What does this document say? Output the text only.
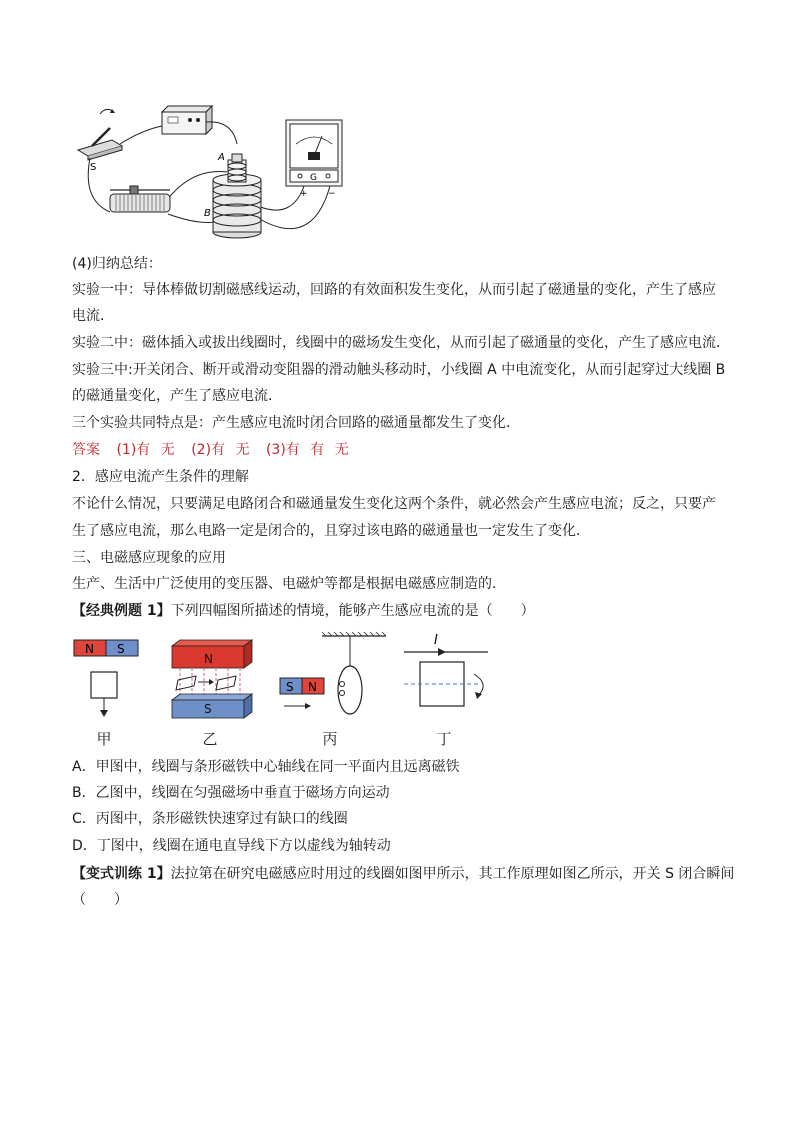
S
A
B
G
+ −
(4)归纳总结：
实验一中：导体棒做切割磁感线运动，回路的有效面积发生变化，从而引起了磁通量的变化，产生了感应
电流．
实验二中：磁体插入或拔出线圈时，线圈中的磁场发生变化，从而引起了磁通量的变化，产生了感应电流．
实验三中:开关闭合、断开或滑动变阻器的滑动触头移动时，小线圈 A 中电流变化，从而引起穿过大线圈 B
的磁通量变化，产生了感应电流．
三个实验共同特点是：产生感应电流时闭合回路的磁通量都发生了变化．
答案 (1)有 无 (2)有 无 (3)有 有 无
2．感应电流产生条件的理解
不论什么情况，只要满足电路闭合和磁通量发生变化这两个条件，就必然会产生感应电流；反之，只要产
生了感应电流，那么电路一定是闭合的，且穿过该电路的磁通量也一定发生了变化．
三、电磁感应现象的应用
生产、生活中广泛使用的变压器、电磁炉等都是根据电磁感应制造的．
【经典例题 1】下列四幅图所描述的情境，能够产生感应电流的是（　　）
N S
N
S
S N
I
甲	乙	丙	丁
A．甲图中，线圈与条形磁铁中心轴线在同一平面内且远离磁铁
B．乙图中，线圈在匀强磁场中垂直于磁场方向运动
C．丙图中，条形磁铁快速穿过有缺口的线圈
D．丁图中，线圈在通电直导线下方以虚线为轴转动
【变式训练 1】法拉第在研究电磁感应时用过的线圈如图甲所示，其工作原理如图乙所示，开关 S 闭合瞬间
（　　）
